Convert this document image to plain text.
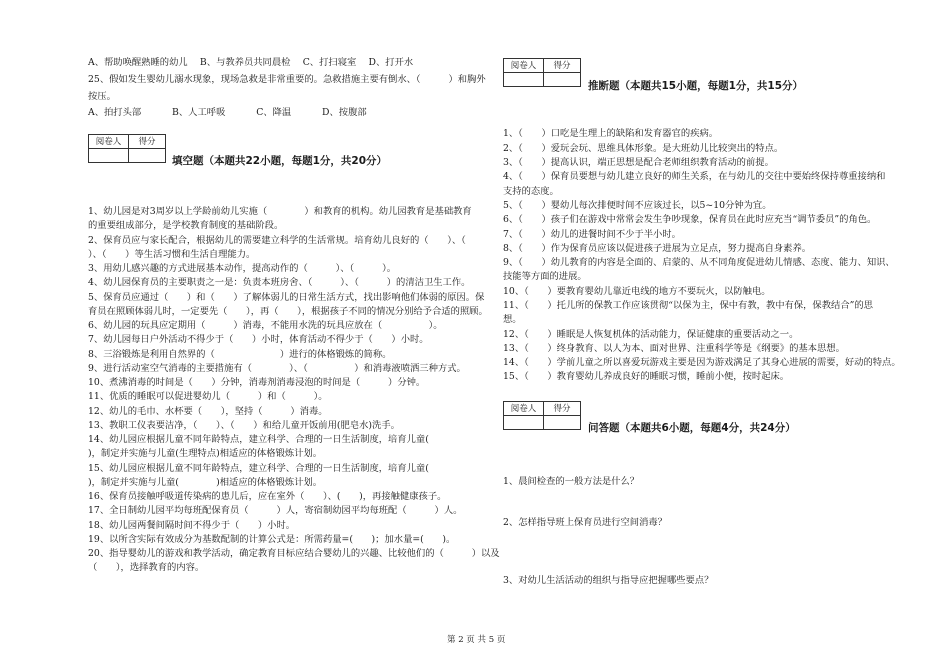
A、帮助唤醒熟睡的幼儿　 B、与教养员共同晨检　 C、打扫寝室　 D、打开水
25、假如发生婴幼儿溺水现象，现场急救是非常重要的。急救措施主要有倒水、（　　　）和胸外
按压。
A、拍打头部　　　 B、人工呼吸　　　 C、降温　　　 D、按腹部
阅卷人	得分
填空题（本题共22小题，每题1分，共20分）
1、幼儿园是对3周岁以上学龄前幼儿实施（　　　　）和教育的机构。幼儿园教育是基础教育
的重要组成部分，是学校教育制度的基础阶段。
2、保育员应与家长配合，根据幼儿的需要建立科学的生活常规。培育幼儿良好的（　　）、（
）、（　　）等生活习惯和生活自理能力。
3、用幼儿感兴趣的方式进展基本动作，提高动作的（　　　）、（　　　）。
4、幼儿园保育员的主要职责之一是：负责本班房舍、（　　　）、（　　　）的清洁卫生工作。
5、保育员应通过（　　）和（　　）了解体弱儿的日常生活方式，找出影响他们体弱的原因。保
育员在照顾体弱儿时，一定要先（　　），再（　　），根据孩子不同的情况分别给予合适的照顾。
6、幼儿园的玩具应定期用（　　　）消毒，不能用水洗的玩具应放在（　　　　　）。
7、幼儿园每日户外活动不得少于（　　）小时，体育活动不得少于（　　）小时。
8、三浴锻炼是利用自然界的（　　　　　　　）进行的体格锻炼的简称。
9、进行活动室空气消毒的主要措施有（　　　　）、（　　　　　）和消毒液喷洒三种方式。
10、煮沸消毒的时间是（　　）分钟，消毒剂消毒浸泡的时间是（　　　）分钟。
11、优质的睡眠可以促进婴幼儿（　　　）和（　　　）。
12、幼儿的毛巾、水杯要（　　），坚持（　　　）消毒。
13、教职工仪表要洁净，（　　）、（　　）和给儿童开饭前用(肥皂水)洗手。
14、幼儿园应根据儿童不同年龄特点，建立科学、合理的一日生活制度，培育儿童(
)，制定并实施与儿童(生理特点)相适应的体格锻炼计划。
15、幼儿园应根据儿童不同年龄特点，建立科学、合理的一日生活制度，培育儿童(
)，制定并实施与儿童(　　　　)相适应的体格锻炼计划。
16、保育员接触呼吸道传染病的患儿后，应在室外（　　）、(　　)，再接触健康孩子。
17、全日制幼儿园平均每班配保育员（　　　）人，寄宿制幼园平均每班配（　　　）人。
18、幼儿园两餐间隔时间不得少于（　　）小时。
19、以所含实际有效成分为基数配制的计算公式是：所需药量=(　　)；加水量=(　　)。
20、指导婴幼儿的游戏和教学活动，确定教育目标应结合婴幼儿的兴趣、比较他们的（　　　）以及
（　　），选择教育的内容。
阅卷人	得分
推断题（本题共15小题，每题1分，共15分）
1、（　　）口吃是生理上的缺陷和发育器官的疾病。
2、（　　）爱玩会玩、思维具体形象。是大班幼儿比较突出的特点。
3、（　　）提高认识，端正思想是配合老师组织教育活动的前提。
4、（　　）保育员要想与幼儿建立良好的师生关系，在与幼儿的交往中要始终保持尊重接纳和
支持的态度。
5、（　　）婴幼儿每次排便时间不应该过长，以5~10分钟为宜。
6、（　　）孩子们在游戏中常常会发生争吵现象，保育员在此时应充当“调节委员”的角色。
7、（　　）幼儿的进餐时间不少于半小时。
8、（　　）作为保育员应该以促进孩子进展为立足点，努力提高自身素养。
9、（　　）幼儿教育的内容是全面的、启蒙的、从不同角度促进幼儿情感、态度、能力、知识、
技能等方面的进展。
10、（　　）要教育婴幼儿靠近电线的地方不要玩火，以防触电。
11、（　　）托儿所的保教工作应该贯彻“以保为主，保中有教，教中有保，保教结合”的思
想。
12、（　　）睡眠是人恢复机体的活动能力，保证健康的重要活动之一。
13、（　　）终身教育、以人为本、面对世界、注重科学等是《纲要》的基本思想。
14、（　　）学前儿童之所以喜爱玩游戏主要是因为游戏满足了其身心进展的需要，好动的特点。
15、（　　）教育婴幼儿养成良好的睡眠习惯，睡前小便，按时起床。
阅卷人	得分
问答题（本题共6小题，每题4分，共24分）
1、晨间检查的一般方法是什么？
2、怎样指导班上保育员进行空间消毒？
3、对幼儿生活活动的组织与指导应把握哪些要点？
第 2 页 共 5 页
